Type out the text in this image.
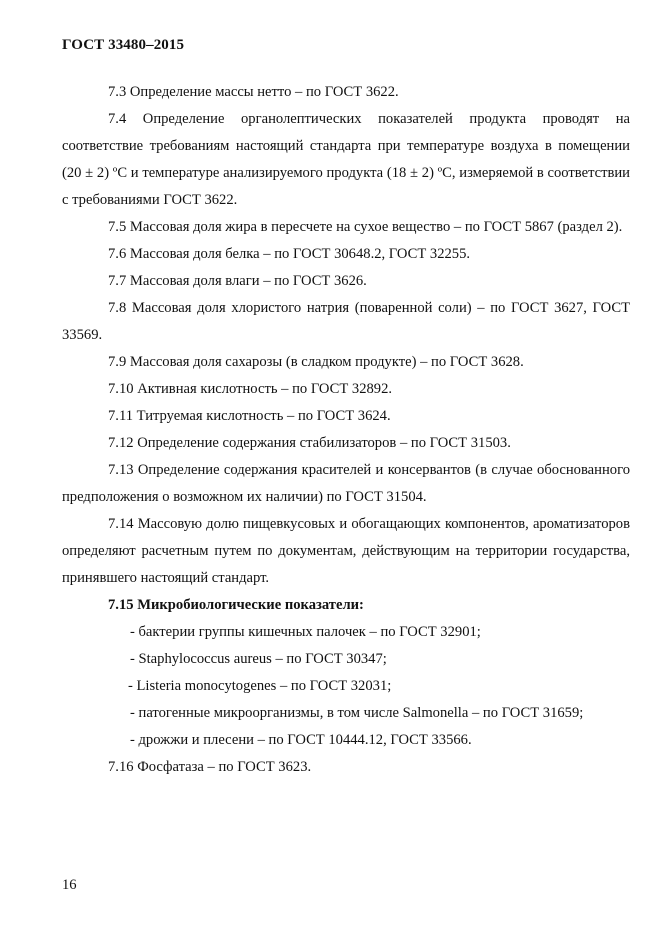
ГОСТ 33480–2015

7.3 Определение массы нетто – по ГОСТ 3622.

7.4 Определение органолептических показателей продукта проводят на соответствие требованиям настоящий стандарта при температуре воздуха в помещении (20 ± 2) ºС и температуре анализируемого продукта (18 ± 2) ºС, измеряемой в соответствии с требованиями ГОСТ 3622.

7.5 Массовая доля жира в пересчете на сухое вещество – по ГОСТ 5867 (раздел 2).

7.6 Массовая доля белка – по ГОСТ 30648.2, ГОСТ 32255.

7.7 Массовая доля влаги – по ГОСТ 3626.

7.8 Массовая доля хлористого натрия (поваренной соли) – по ГОСТ 3627, ГОСТ 33569.

7.9 Массовая доля сахарозы (в сладком продукте) – по ГОСТ 3628.

7.10 Активная кислотность – по ГОСТ 32892.

7.11 Титруемая кислотность – по ГОСТ 3624.

7.12 Определение содержания стабилизаторов – по ГОСТ 31503.

7.13 Определение содержания красителей и консервантов (в случае обоснованного предположения о возможном их наличии) по ГОСТ 31504.

7.14 Массовую долю пищевкусовых и обогащающих компонентов, ароматизаторов определяют расчетным путем по документам, действующим на территории государства, принявшего настоящий стандарт.

7.15 Микробиологические показатели:

- бактерии группы кишечных палочек – по ГОСТ 32901;

- Staphylococcus aureus – по ГОСТ 30347;

- Listeria monocytogenes – по ГОСТ 32031;

- патогенные микроорганизмы, в том числе Salmonella – по ГОСТ 31659;

- дрожжи и плесени – по ГОСТ 10444.12, ГОСТ 33566.

7.16 Фосфатаза – по ГОСТ 3623.

16
